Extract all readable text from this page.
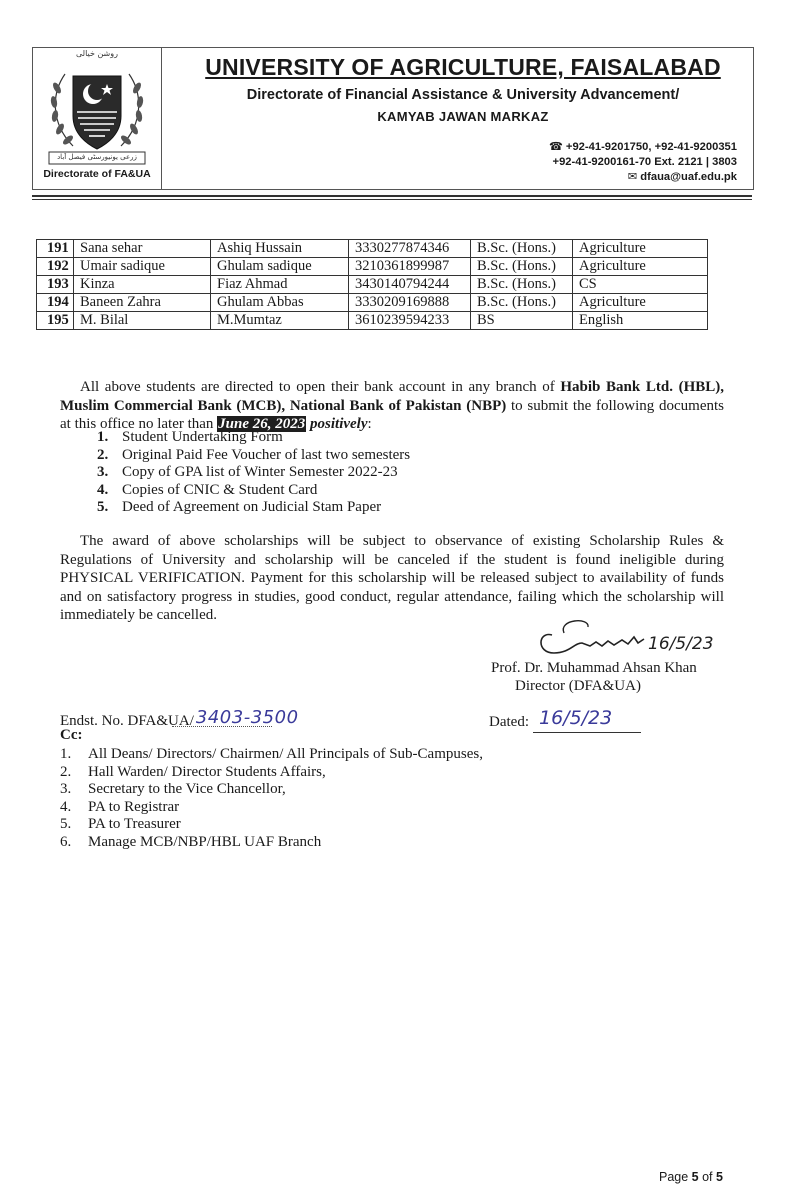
روشن خیالی
زرعی یونیورسٹی فیصل آباد
Directorate of FA&UA
UNIVERSITY OF AGRICULTURE, FAISALABAD
Directorate of Financial Assistance & University Advancement/
KAMYAB JAWAN MARKAZ
☎ +92-41-9201750, +92-41-9200351
+92-41-9200161-70 Ext. 2121 | 3803
✉ dfaua@uaf.edu.pk
191	Sana sehar	Ashiq Hussain	3330277874346	B.Sc. (Hons.)	Agriculture
192	Umair sadique	Ghulam sadique	3210361899987	B.Sc. (Hons.)	Agriculture
193	Kinza	Fiaz Ahmad	3430140794244	B.Sc. (Hons.)	CS
194	Baneen Zahra	Ghulam Abbas	3330209169888	B.Sc. (Hons.)	Agriculture
195	M. Bilal	M.Mumtaz	3610239594233	BS	English
All above students are directed to open their bank account in any branch of Habib Bank Ltd. (HBL), Muslim Commercial Bank (MCB), National Bank of Pakistan (NBP) to submit the following documents at this office no later than June 26, 2023 positively:
1. Student Undertaking Form
2. Original Paid Fee Voucher of last two semesters
3. Copy of GPA list of Winter Semester 2022-23
4. Copies of CNIC & Student Card
5. Deed of Agreement on Judicial Stam Paper
The award of above scholarships will be subject to observance of existing Scholarship Rules & Regulations of University and scholarship will be canceled if the student is found ineligible during PHYSICAL VERIFICATION. Payment for this scholarship will be released subject to availability of funds and on satisfactory progress in studies, good conduct, regular attendance, failing which the scholarship will immediately be cancelled.
16/5/23
Prof. Dr. Muhammad Ahsan Khan
Director (DFA&UA)
Endst. No. DFA&UA/ 3403-3500	Dated: 16/5/23
Cc:
1. All Deans/ Directors/ Chairmen/ All Principals of Sub-Campuses,
2. Hall Warden/ Director Students Affairs,
3. Secretary to the Vice Chancellor,
4. PA to Registrar
5. PA to Treasurer
6. Manage MCB/NBP/HBL UAF Branch
Page 5 of 5
